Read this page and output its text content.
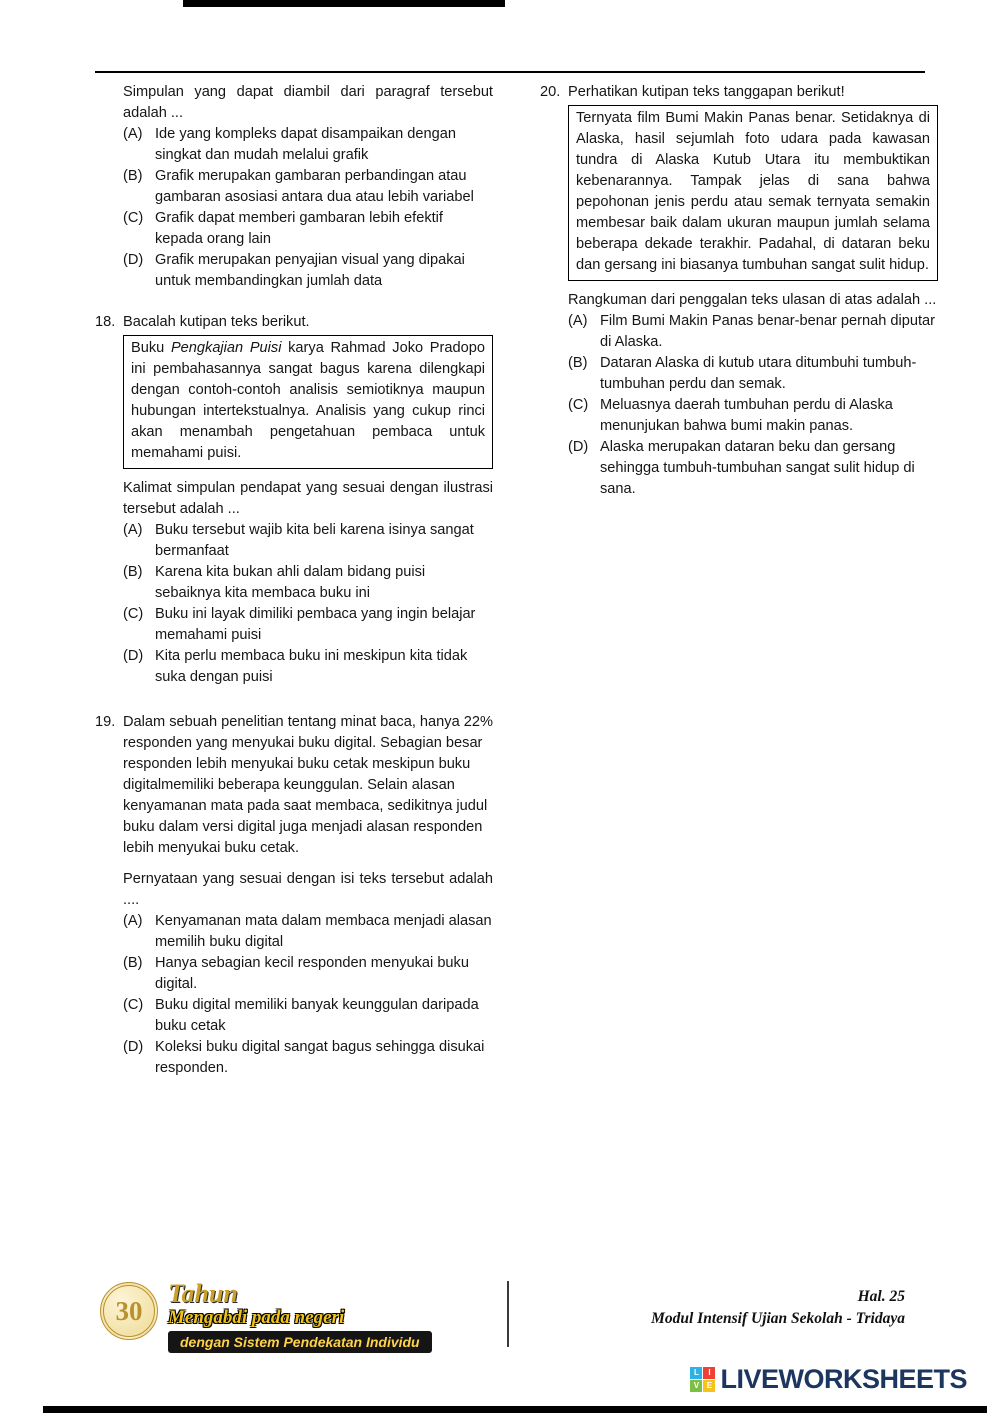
Simpulan yang dapat diambil dari paragraf tersebut adalah ...
(A) Ide yang kompleks dapat disampaikan dengan singkat dan mudah melalui grafik
(B) Grafik merupakan gambaran perbandingan atau gambaran asosiasi antara dua atau lebih variabel
(C) Grafik dapat memberi gambaran lebih efektif kepada orang lain
(D) Grafik merupakan penyajian visual yang dipakai untuk membandingkan jumlah data
18. Bacalah kutipan teks berikut.
Buku Pengkajian Puisi karya Rahmad Joko Pradopo ini pembahasannya sangat bagus karena dilengkapi dengan contoh-contoh analisis semiotiknya maupun hubungan intertekstualnya. Analisis yang cukup rinci akan menambah pengetahuan pembaca untuk memahami puisi.
Kalimat simpulan pendapat yang sesuai dengan ilustrasi tersebut adalah ...
(A) Buku tersebut wajib kita beli karena isinya sangat bermanfaat
(B) Karena kita bukan ahli dalam bidang puisi sebaiknya kita membaca buku ini
(C) Buku ini layak dimiliki pembaca yang ingin belajar memahami puisi
(D) Kita perlu membaca buku ini meskipun kita tidak suka dengan puisi
19. Dalam sebuah penelitian tentang minat baca, hanya 22% responden yang menyukai buku digital. Sebagian besar responden lebih menyukai buku cetak meskipun buku digitalmemiliki beberapa keunggulan. Selain alasan kenyamanan mata pada saat membaca, sedikitnya judul buku dalam versi digital juga menjadi alasan responden lebih menyukai buku cetak.
Pernyataan yang sesuai dengan isi teks tersebut adalah ....
(A) Kenyamanan mata dalam membaca menjadi alasan memilih buku digital
(B) Hanya sebagian kecil responden menyukai buku digital.
(C) Buku digital memiliki banyak keunggulan daripada buku cetak
(D) Koleksi buku digital sangat bagus sehingga disukai responden.
20. Perhatikan kutipan teks tanggapan berikut!
Ternyata film Bumi Makin Panas benar. Setidaknya di Alaska, hasil sejumlah foto udara pada kawasan tundra di Alaska Kutub Utara itu membuktikan kebenarannya. Tampak jelas di sana bahwa pepohonan jenis perdu atau semak ternyata semakin membesar baik dalam ukuran maupun jumlah selama beberapa dekade terakhir. Padahal, di dataran beku dan gersang ini biasanya tumbuhan sangat sulit hidup.
Rangkuman dari penggalan teks ulasan di atas adalah ...
(A) Film Bumi Makin Panas benar-benar pernah diputar di Alaska.
(B) Dataran Alaska di kutub utara ditumbuhi tumbuh-tumbuhan perdu dan semak.
(C) Meluasnya daerah tumbuhan perdu di Alaska menunjukan bahwa bumi makin panas.
(D) Alaska merupakan dataran beku dan gersang sehingga tumbuh-tumbuhan sangat sulit hidup di sana.
30
Tahun
Mengabdi pada negeri
dengan Sistem Pendekatan Individu
Hal. 25
Modul Intensif Ujian Sekolah - Tridaya
L	I
V E LIVEWORKSHEETS
